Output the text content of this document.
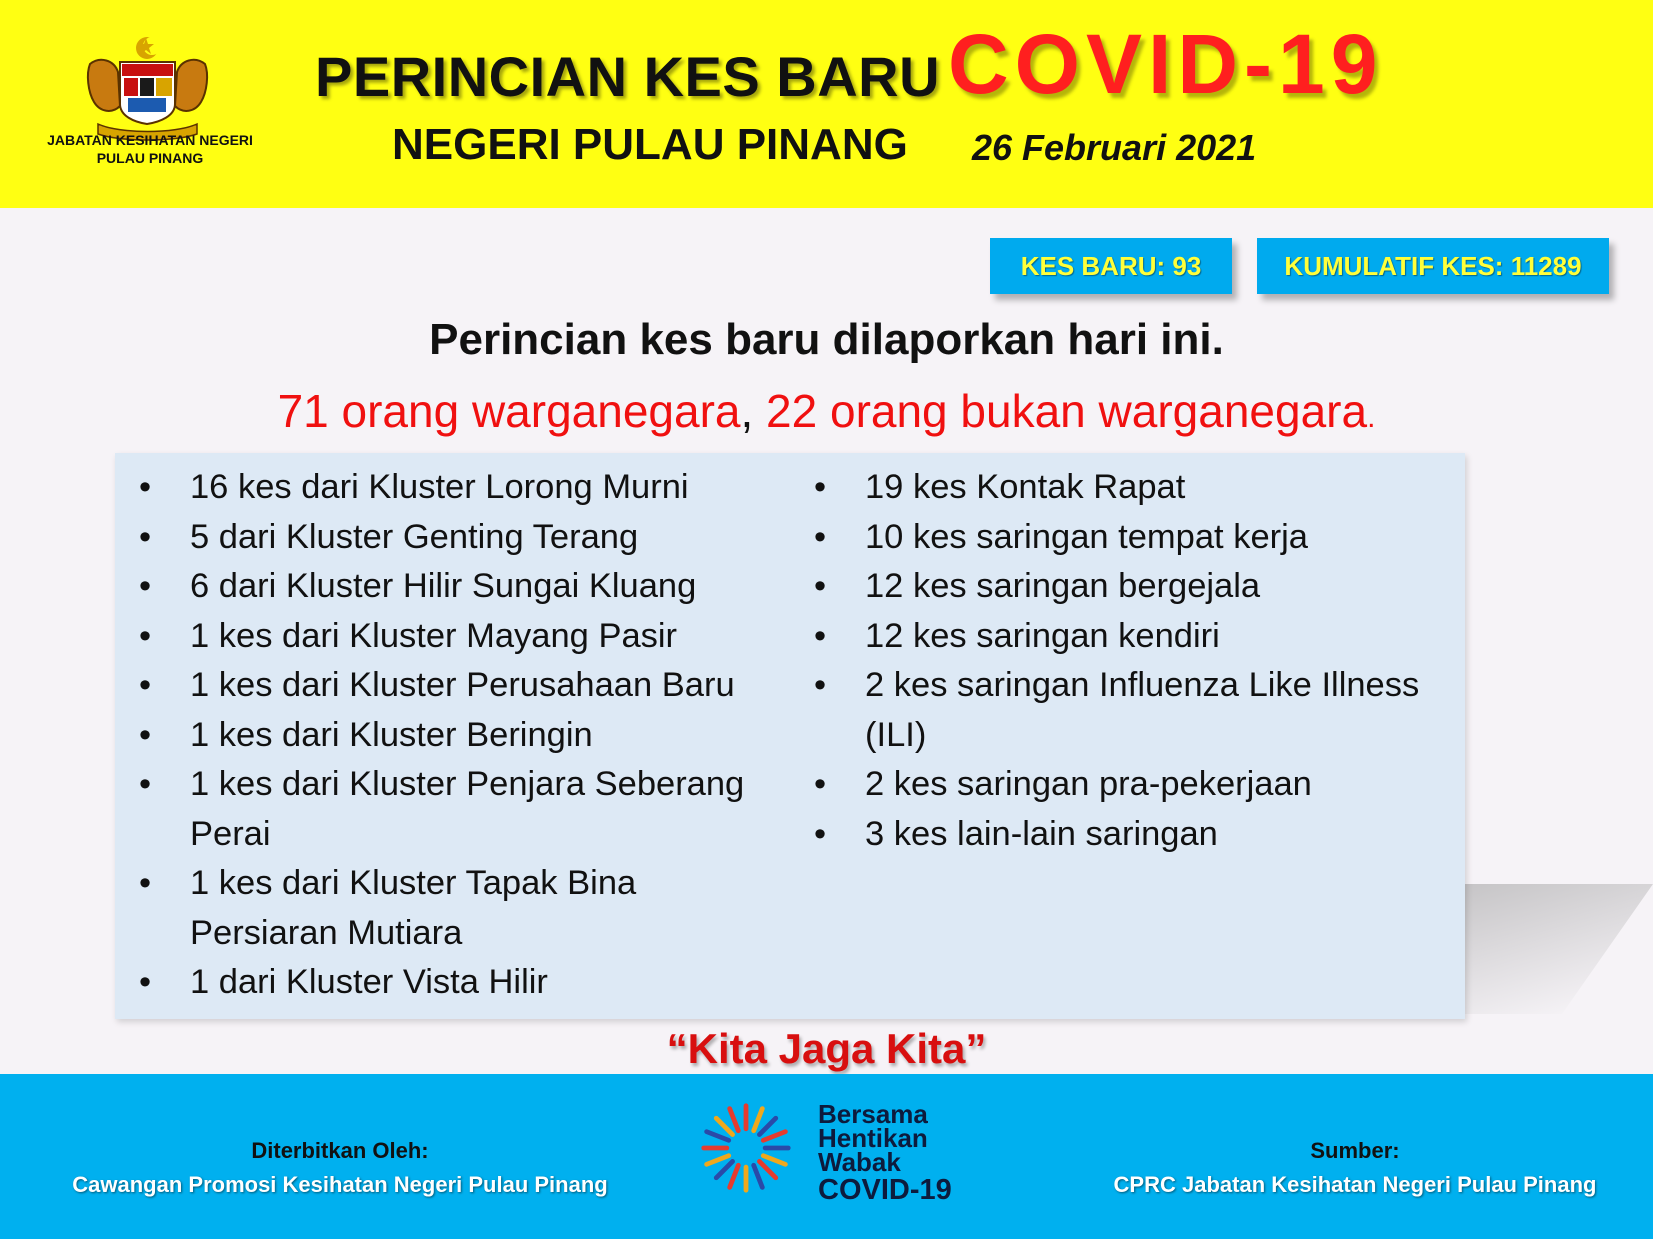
JABATAN KESIHATAN NEGERI
PULAU PINANG
PERINCIAN KES BARU COVID-19
NEGERI PULAU PINANG 26 Februari 2021
KES BARU: 93	KUMULATIF KES: 11289
Perincian kes baru dilaporkan hari ini.
71 orang warganegara, 22 orang bukan warganegara.
• 16 kes dari Kluster Lorong Murni
• 5 dari Kluster Genting Terang
• 6 dari Kluster Hilir Sungai Kluang
• 1 kes dari Kluster Mayang Pasir
• 1 kes dari Kluster Perusahaan Baru
• 1 kes dari Kluster Beringin
• 1 kes dari Kluster Penjara Seberang Perai
• 1 kes dari Kluster Tapak Bina Persiaran Mutiara
• 1 dari Kluster Vista Hilir
• 19 kes Kontak Rapat
• 10 kes saringan tempat kerja
• 12 kes saringan bergejala
• 12 kes saringan kendiri
• 2 kes saringan Influenza Like Illness (ILI)
• 2 kes saringan pra-pekerjaan
• 3 kes lain-lain saringan
“Kita Jaga Kita”
Diterbitkan Oleh:
Cawangan Promosi Kesihatan Negeri Pulau Pinang
Bersama
Hentikan
Wabak
COVID-19
Sumber:
CPRC Jabatan Kesihatan Negeri Pulau Pinang
